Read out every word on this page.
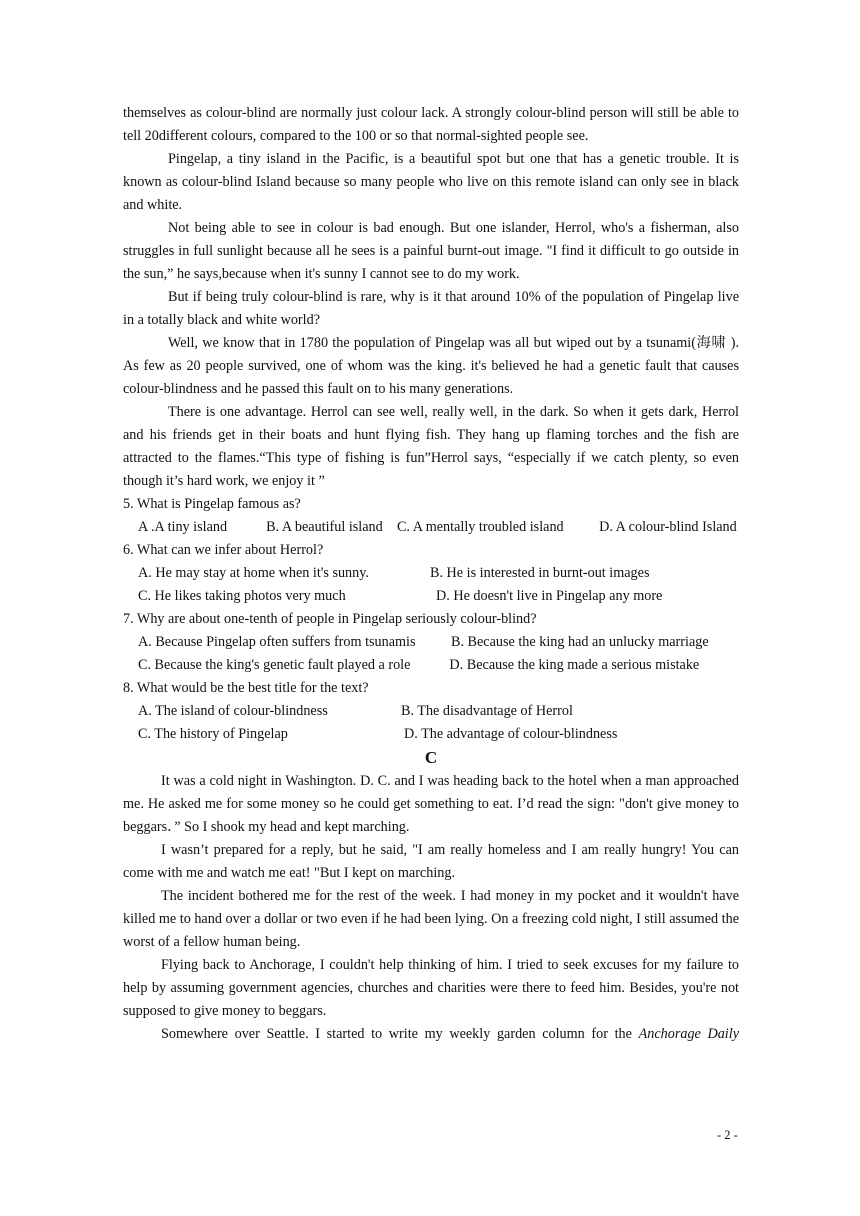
themselves as colour-blind are normally just colour lack. A strongly colour-blind person will still be able to tell 20different colours, compared to the 100 or so that normal-sighted people see.

Pingelap, a tiny island in the Pacific, is a beautiful spot but one that has a genetic trouble. It is known as colour-blind Island because so many people who live on this remote island can only see in black and white.

Not being able to see in colour is bad enough. But one islander, Herrol, who's a fisherman, also struggles in full sunlight because all he sees is a painful burnt-out image. "I find it difficult to go outside in the sun,” he says,because when it's sunny I cannot see to do my work.

But if being truly colour-blind is rare, why is it that around 10% of the population of Pingelap live in a totally black and white world?

Well, we know that in 1780 the population of Pingelap was all but wiped out by a tsunami(海啸 ). As few as 20 people survived, one of whom was the king. it's believed he had a genetic fault that causes colour-blindness and he passed this fault on to his many generations.

There is one advantage. Herrol can see well, really well, in the dark. So when it gets dark, Herrol and his friends get in their boats and hunt flying fish. They hang up flaming torches and the fish are attracted to the flames.“This type of fishing is fun”Herrol says, “especially if we catch plenty, so even though it’s hard work, we enjoy it ”

5. What is Pingelap famous as?

A .A tiny island	B. A beautiful island C. A mentally troubled island D. A colour-blind Island

6. What can we infer about Herrol?

A. He may stay at home when it's sunny.	B. He is interested in burnt-out images
C. He likes taking photos very much	D. He doesn't live in Pingelap any more

7. Why are about one-tenth of people in Pingelap seriously colour-blind?

A. Because Pingelap often suffers from tsunamis          B. Because the king had an unlucky marriage

C. Because the king's genetic fault played a role           D. Because the king made a serious mistake

8. What would be the best title for the text?

A. The island of colour-blindness	B. The disadvantage of Herrol
C. The history of Pingelap	D. The advantage of colour-blindness
C

It was a cold night in Washington. D. C. and I was heading back to the hotel when a man approached me. He asked me for some money so he could get something to eat. I’d read the sign: "don't give money to beggars．” So I shook my head and kept marching.

I wasn’t prepared for a reply, but he said, "I am really homeless and I am really hungry! You can come with me and watch me eat! "But I kept on marching.

The incident bothered me for the rest of the week. I had money in my pocket and it wouldn't have killed me to hand over a dollar or two even if he had been lying. On a freezing cold night, I still assumed the worst of a fellow human being.

Flying back to Anchorage, I couldn't help thinking of him. I tried to seek excuses for my failure to help by assuming government agencies, churches and charities were there to feed him. Besides, you're not supposed to give money to beggars.

Somewhere over Seattle. I started to write my weekly garden column for the Anchorage Daily

- 2 -
